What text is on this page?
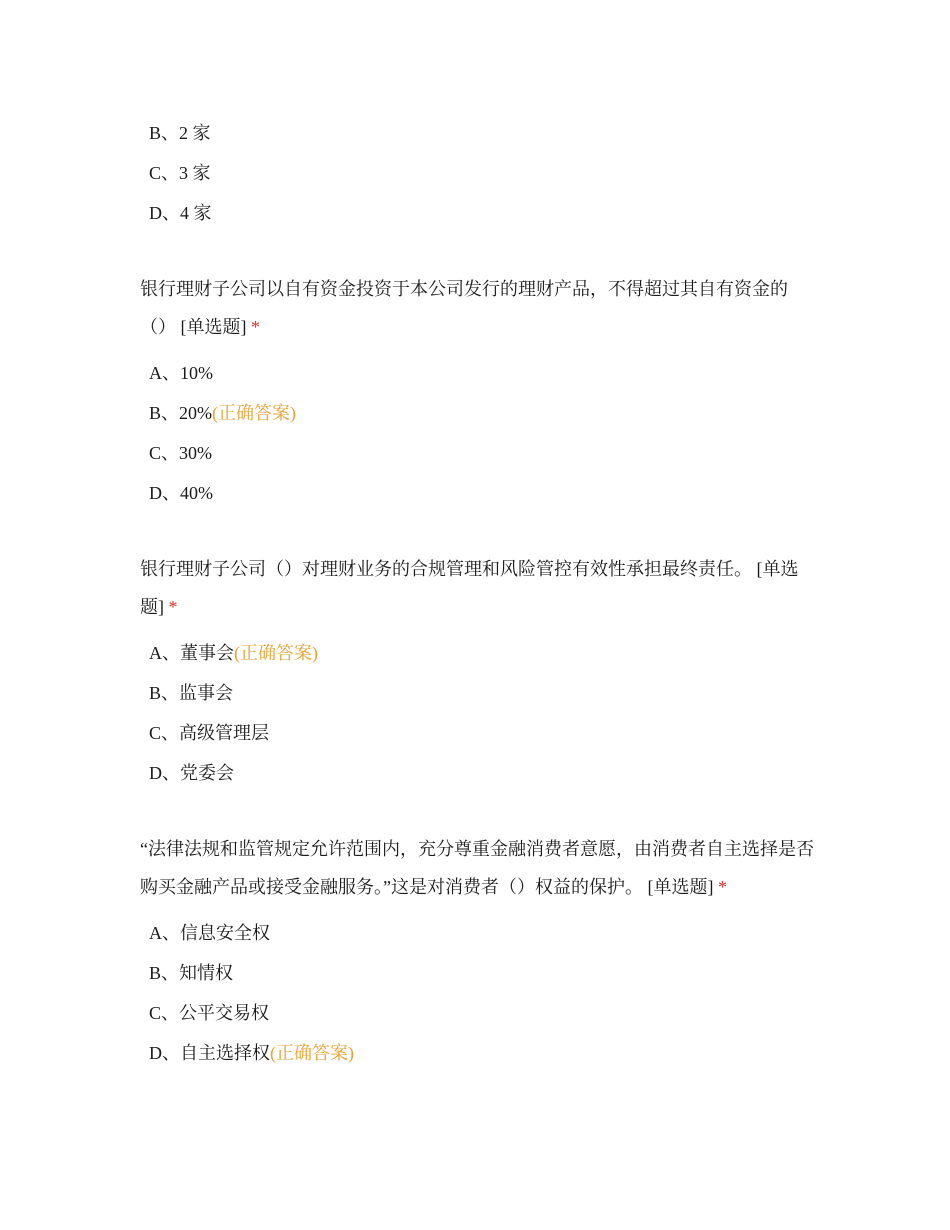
B、2 家
C、3 家
D、4 家
银行理财子公司以自有资金投资于本公司发行的理财产品，不得超过其自有资金的（） [单选题] *
A、10%
B、20%(正确答案)
C、30%
D、40%
银行理财子公司（）对理财业务的合规管理和风险管控有效性承担最终责任。 [单选题] *
A、董事会(正确答案)
B、监事会
C、高级管理层
D、党委会
“法律法规和监管规定允许范围内，充分尊重金融消费者意愿，由消费者自主选择是否购买金融产品或接受金融服务。”这是对消费者（）权益的保护。 [单选题] *
A、信息安全权
B、知情权
C、公平交易权
D、自主选择权(正确答案)
